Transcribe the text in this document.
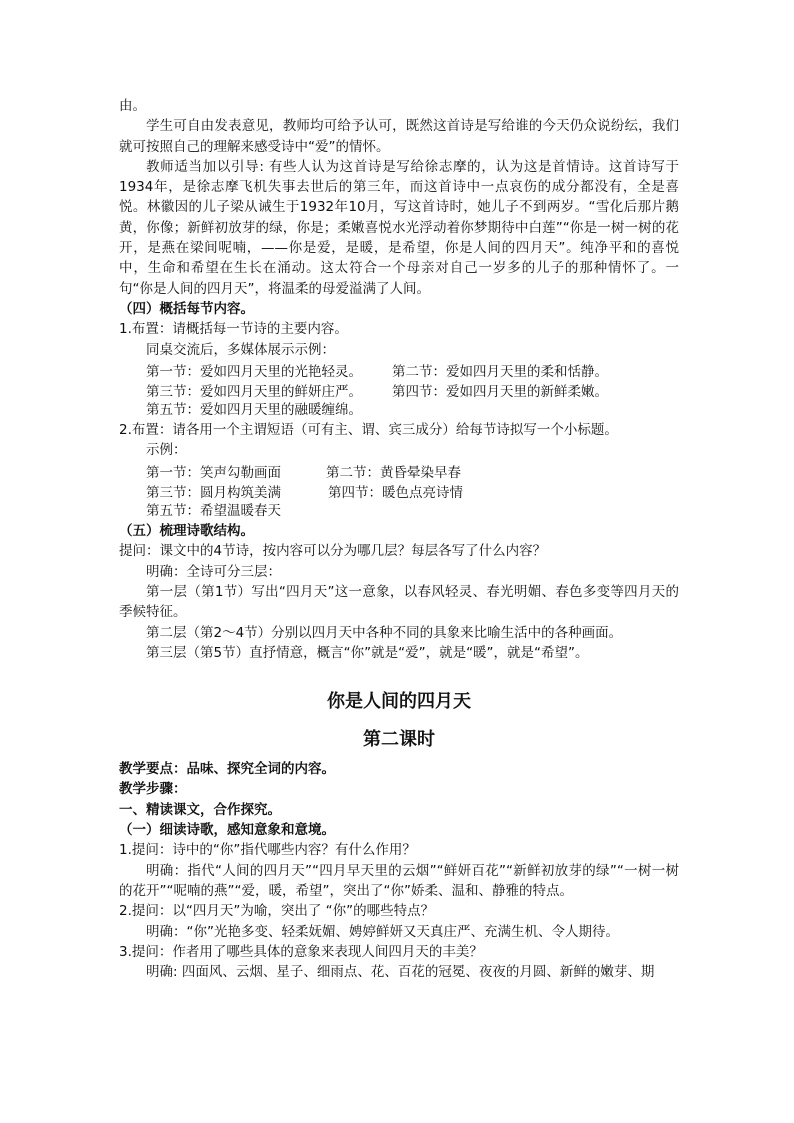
由。

学生可自由发表意见，教师均可给予认可，既然这首诗是写给谁的今天仍众说纷纭，我们就可按照自己的理解来感受诗中“爱”的情怀。

教师适当加以引导: 有些人认为这首诗是写给徐志摩的，认为这是首情诗。这首诗写于1934年，是徐志摩飞机失事去世后的第三年，而这首诗中一点哀伤的成分都没有，全是喜悦。林徽因的儿子梁从诫生于1932年10月，写这首诗时，她儿子不到两岁。“雪化后那片鹅黄，你像；新鲜初放芽的绿，你是；柔嫩喜悦水光浮动着你梦期待中白莲”“你是一树一树的花开，是燕在梁间呢喃，——你是爱，是暖，是希望，你是人间的四月天”。纯净平和的喜悦中，生命和希望在生长在涌动。这太符合一个母亲对自己一岁多的儿子的那种情怀了。一句“你是人间的四月天”，将温柔的母爱溢满了人间。

（四）概括每节内容。

1.布置：请概括每一节诗的主要内容。

同桌交流后，多媒体展示示例：

第一节：爱如四月天里的光艳轻灵。	第二节：爱如四月天里的柔和恬静。
第三节：爱如四月天里的鲜妍庄严。	第四节：爱如四月天里的新鲜柔嫩。

第五节：爱如四月天里的融暖缠绵。

2.布置：请各用一个主谓短语（可有主、谓、宾三成分）给每节诗拟写一个小标题。

示例：

第一节：笑声勾勒画面	第二节：黄昏晕染早春
第三节：圆月构筑美满	第四节：暖色点亮诗情

第五节：希望温暖春天

（五）梳理诗歌结构。

提问：课文中的4节诗，按内容可以分为哪几层？每层各写了什么内容？

明确：全诗可分三层：

第一层（第1节）写出“四月天”这一意象，以春风轻灵、春光明媚、春色多变等四月天的季候特征。

第二层（第2～4节）分别以四月天中各种不同的具象来比喻生活中的各种画面。

第三层（第5节）直抒情意，概言“你”就是“爱”，就是“暖”，就是“希望”。

你是人间的四月天

第二课时

教学要点：品味、探究全词的内容。

教学步骤：

一、精读课文，合作探究。

（一）细读诗歌，感知意象和意境。

1.提问：诗中的“你”指代哪些内容？有什么作用？

明确：指代“人间的四月天”“四月早天里的云烟”“鲜妍百花”“新鲜初放芽的绿”“一树一树的花开”“呢喃的燕”“爱，暖，希望”，突出了“你”娇柔、温和、静雅的特点。

2.提问：以“四月天”为喻，突出了 “你”的哪些特点？

明确：“你”光艳多变、轻柔妩媚、娉婷鲜妍又天真庄严、充满生机、令人期待。

3.提问：作者用了哪些具体的意象来表现人间四月天的丰美？

明确: 四面风、云烟、星子、细雨点、花、百花的冠冕、夜夜的月圆、新鲜的嫩芽、期
